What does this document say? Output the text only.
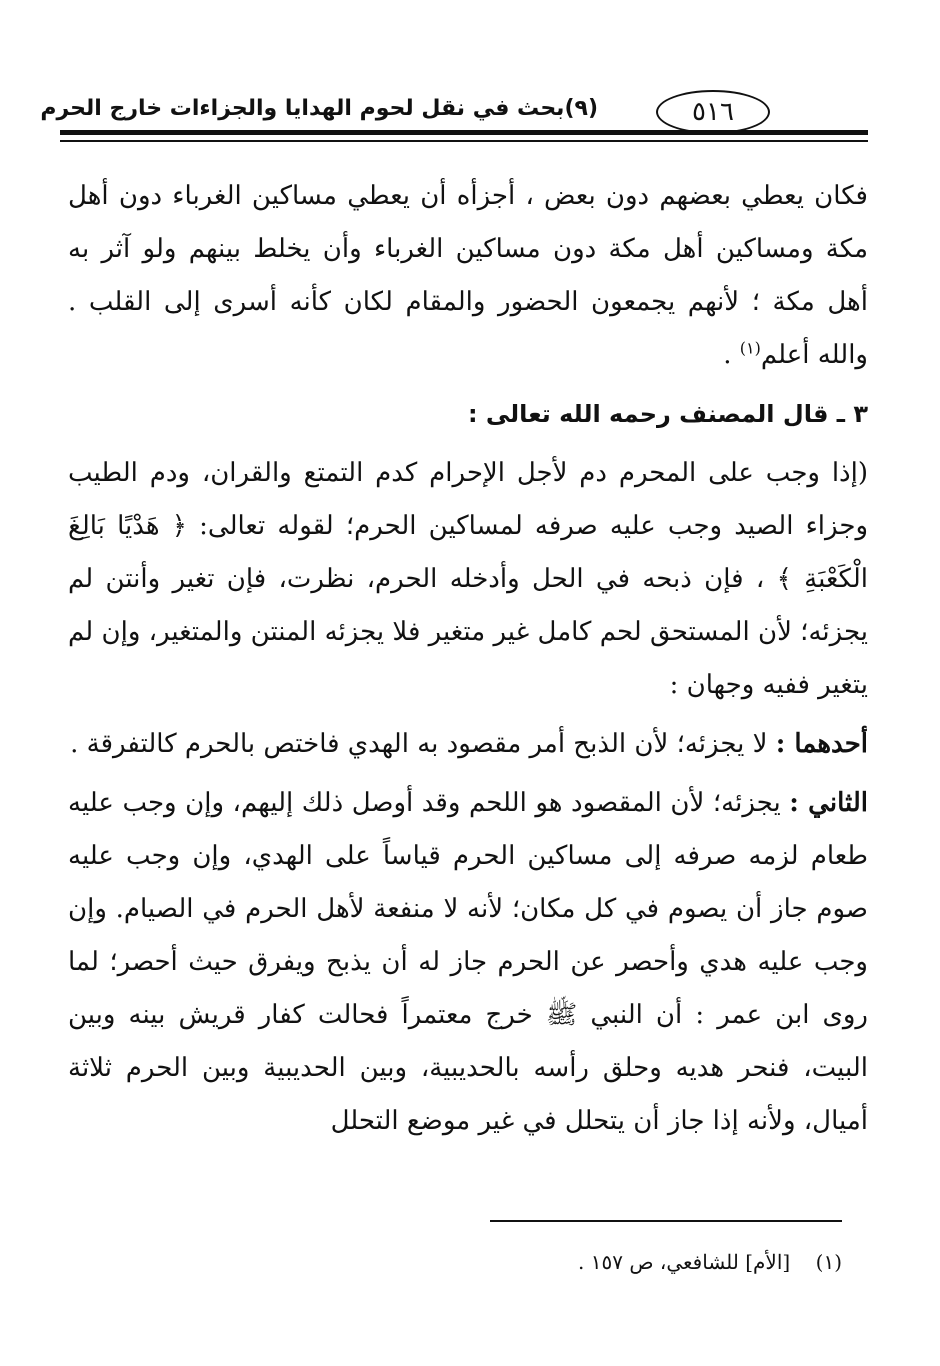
٥١٦
(٩)بحث في نقل لحوم الهدايا والجزاءات خارج الحرم

فكان يعطي بعضهم دون بعض ، أجزأه أن يعطي مساكين الغرباء دون أهل مكة ومساكين أهل مكة دون مساكين الغرباء وأن يخلط بينهم ولو آثر به أهل مكة ؛ لأنهم يجمعون الحضور والمقام لكان كأنه أسرى إلى القلب . والله أعلم$^{(١)}$ .

٣ ـ قال المصنف رحمه الله تعالى :

(إذا وجب على المحرم دم لأجل الإحرام كدم التمتع والقران، ودم الطيب وجزاء الصيد وجب عليه صرفه لمساكين الحرم؛ لقوله تعالى: ﴿ هَدْيًا بَالِغَ الْكَعْبَةِ ﴾ ، فإن ذبحه في الحل وأدخله الحرم، نظرت، فإن تغير وأنتن لم يجزئه؛ لأن المستحق لحم كامل غير متغير فلا يجزئه المنتن والمتغير، وإن لم يتغير ففيه وجهان :

أحدهما : لا يجزئه؛ لأن الذبح أمر مقصود به الهدي فاختص بالحرم كالتفرقة .

الثاني : يجزئه؛ لأن المقصود هو اللحم وقد أوصل ذلك إليهم، وإن وجب عليه طعام لزمه صرفه إلى مساكين الحرم قياساً على الهدي، وإن وجب عليه صوم جاز أن يصوم في كل مكان؛ لأنه لا منفعة لأهل الحرم في الصيام. وإن وجب عليه هدي وأحصر عن الحرم جاز له أن يذبح ويفرق حيث أحصر؛ لما روى ابن عمر : أن النبي ﷺ خرج معتمراً فحالت كفار قريش بينه وبين البيت، فنحر هديه وحلق رأسه بالحديبية، وبين الحديبية وبين الحرم ثلاثة أميال، ولأنه إذا جاز أن يتحلل في غير موضع التحلل

(١)    [الأم] للشافعي، ص ١٥٧ .
